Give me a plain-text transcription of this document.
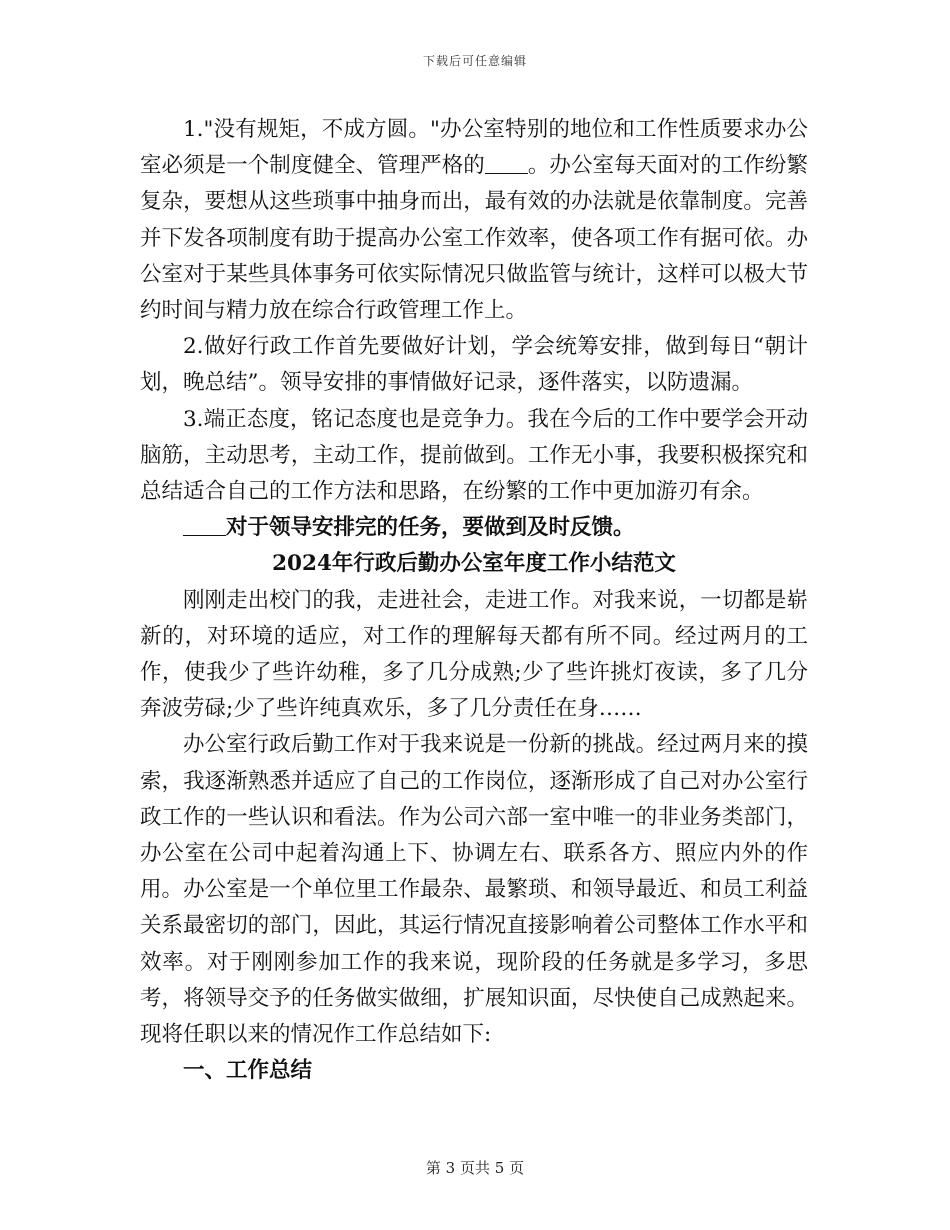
下载后可任意编辑

1."没有规矩，不成方圆。"办公室特别的地位和工作性质要求办公室必须是一个制度健全、管理严格的 。办公室每天面对的工作纷繁复杂，要想从这些琐事中抽身而出，最有效的办法就是依靠制度。完善并下发各项制度有助于提高办公室工作效率，使各项工作有据可依。办公室对于某些具体事务可依实际情况只做监管与统计，这样可以极大节约时间与精力放在综合行政管理工作上。

2.做好行政工作首先要做好计划，学会统筹安排，做到每日“朝计划，晚总结”。领导安排的事情做好记录，逐件落实，以防遗漏。

3.端正态度，铭记态度也是竞争力。我在今后的工作中要学会开动脑筋，主动思考，主动工作，提前做到。工作无小事，我要积极探究和总结适合自己的工作方法和思路，在纷繁的工作中更加游刃有余。

对于领导安排完的任务，要做到及时反馈。

2024年行政后勤办公室年度工作小结范文

刚刚走出校门的我，走进社会，走进工作。对我来说，一切都是崭新的，对环境的适应，对工作的理解每天都有所不同。经过两月的工作，使我少了些许幼稚，多了几分成熟;少了些许挑灯夜读，多了几分奔波劳碌;少了些许纯真欢乐，多了几分责任在身……

办公室行政后勤工作对于我来说是一份新的挑战。经过两月来的摸索，我逐渐熟悉并适应了自己的工作岗位，逐渐形成了自己对办公室行政工作的一些认识和看法。作为公司六部一室中唯一的非业务类部门，办公室在公司中起着沟通上下、协调左右、联系各方、照应内外的作用。办公室是一个单位里工作最杂、最繁琐、和领导最近、和员工利益关系最密切的部门，因此，其运行情况直接影响着公司整体工作水平和效率。对于刚刚参加工作的我来说，现阶段的任务就是多学习，多思考，将领导交予的任务做实做细，扩展知识面，尽快使自己成熟起来。现将任职以来的情况作工作总结如下:

一、工作总结

第 3 页共 5 页
